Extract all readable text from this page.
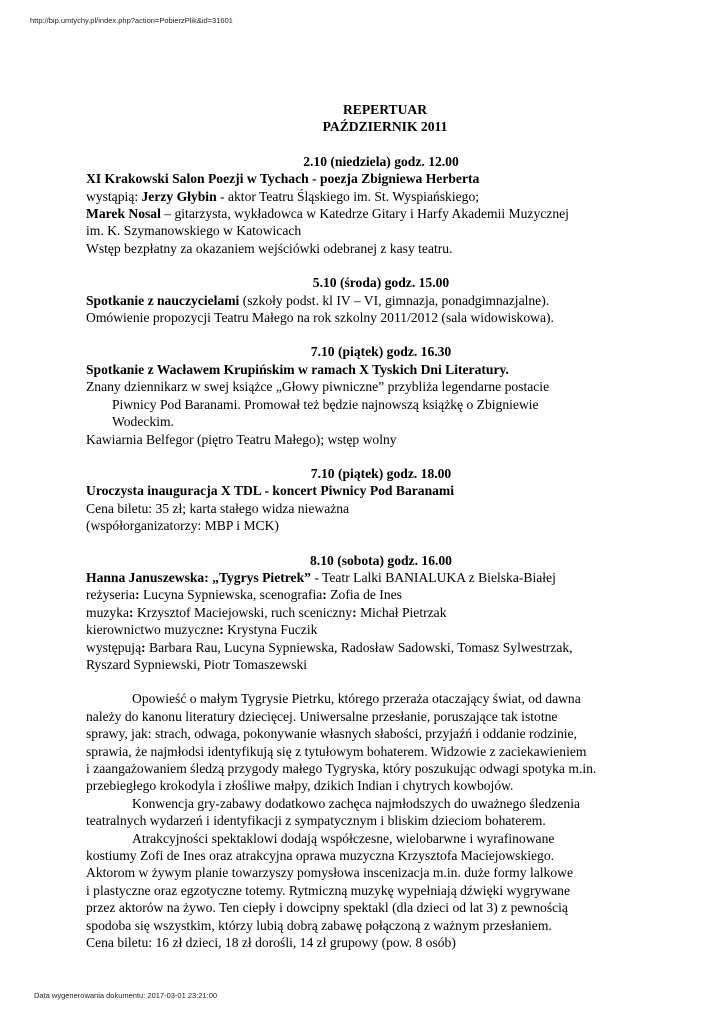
http://bip.umtychy.pl/index.php?action=PobierzPlik&id=31601
REPERTUAR
PAŹDZIERNIK 2011
2.10 (niedziela) godz. 12.00
XI Krakowski Salon Poezji w Tychach - poezja Zbigniewa Herberta
wystąpią: Jerzy Głybin - aktor Teatru Śląskiego im. St. Wyspiańskiego;
Marek Nosal – gitarzysta, wykładowca w Katedrze Gitary i Harfy Akademii Muzycznej
im. K. Szymanowskiego w Katowicach
Wstęp bezpłatny za okazaniem wejściówki odebranej z kasy teatru.
5.10 (środa) godz. 15.00
Spotkanie z nauczycielami (szkoły podst. kl IV – VI, gimnazja, ponadgimnazjalne).
Omówienie propozycji Teatru Małego na rok szkolny 2011/2012 (sala widowiskowa).
7.10 (piątek) godz. 16.30
Spotkanie z Wacławem Krupińskim w ramach X Tyskich Dni Literatury.
Znany dziennikarz w swej książce „Głowy piwniczne” przybliża legendarne postacie
Piwnicy Pod Baranami. Promował też będzie najnowszą książkę o Zbigniewie
Wodeckim.
Kawiarnia Belfegor (piętro Teatru Małego); wstęp wolny
7.10 (piątek) godz. 18.00
Uroczysta inauguracja X TDL - koncert Piwnicy Pod Baranami
Cena biletu: 35 zł; karta stałego widza nieważna
(współorganizatorzy: MBP i MCK)
8.10 (sobota) godz. 16.00
Hanna Januszewska: „Tygrys Pietrek” - Teatr Lalki BANIALUKA z Bielska-Białej
reżyseria: Lucyna Sypniewska, scenografia: Zofia de Ines
muzyka: Krzysztof Maciejowski, ruch sceniczny: Michał Pietrzak
kierownictwo muzyczne: Krystyna Fuczik
występują: Barbara Rau, Lucyna Sypniewska, Radosław Sadowski, Tomasz Sylwestrzak,
Ryszard Sypniewski, Piotr Tomaszewski
Opowieść o małym Tygrysie Pietrku, którego przeraża otaczający świat, od dawna
należy do kanonu literatury dziecięcej. Uniwersalne przesłanie, poruszające tak istotne
sprawy, jak: strach, odwaga, pokonywanie własnych słabości, przyjaźń i oddanie rodzinie,
sprawia, że najmłodsi identyfikują się z tytułowym bohaterem. Widzowie z zaciekawieniem
i zaangażowaniem śledzą przygody małego Tygryska, który poszukując odwagi spotyka m.in.
przebiegłego krokodyla i złośliwe małpy, dzikich Indian i chytrych kowbojów.
Konwencja gry-zabawy dodatkowo zachęca najmłodszych do uważnego śledzenia
teatralnych wydarzeń i identyfikacji z sympatycznym i bliskim dzieciom bohaterem.
Atrakcyjności spektaklowi dodają współczesne, wielobarwne i wyrafinowane
kostiumy Zofi de Ines oraz atrakcyjna oprawa muzyczna Krzysztofa Maciejowskiego.
Aktorom w żywym planie towarzyszy pomysłowa inscenizacja m.in. duże formy lalkowe
i plastyczne oraz egzotyczne totemy. Rytmiczną muzykę wypełniają dźwięki wygrywane
przez aktorów na żywo. Ten ciepły i dowcipny spektakl (dla dzieci od lat 3) z pewnością
spodoba się wszystkim, którzy lubią dobrą zabawę połączoną z ważnym przesłaniem.
Cena biletu: 16 zł dzieci, 18 zł dorośli, 14 zł grupowy (pow. 8 osób)
Data wygenerowania dokumentu: 2017-03-01 23:21:00
